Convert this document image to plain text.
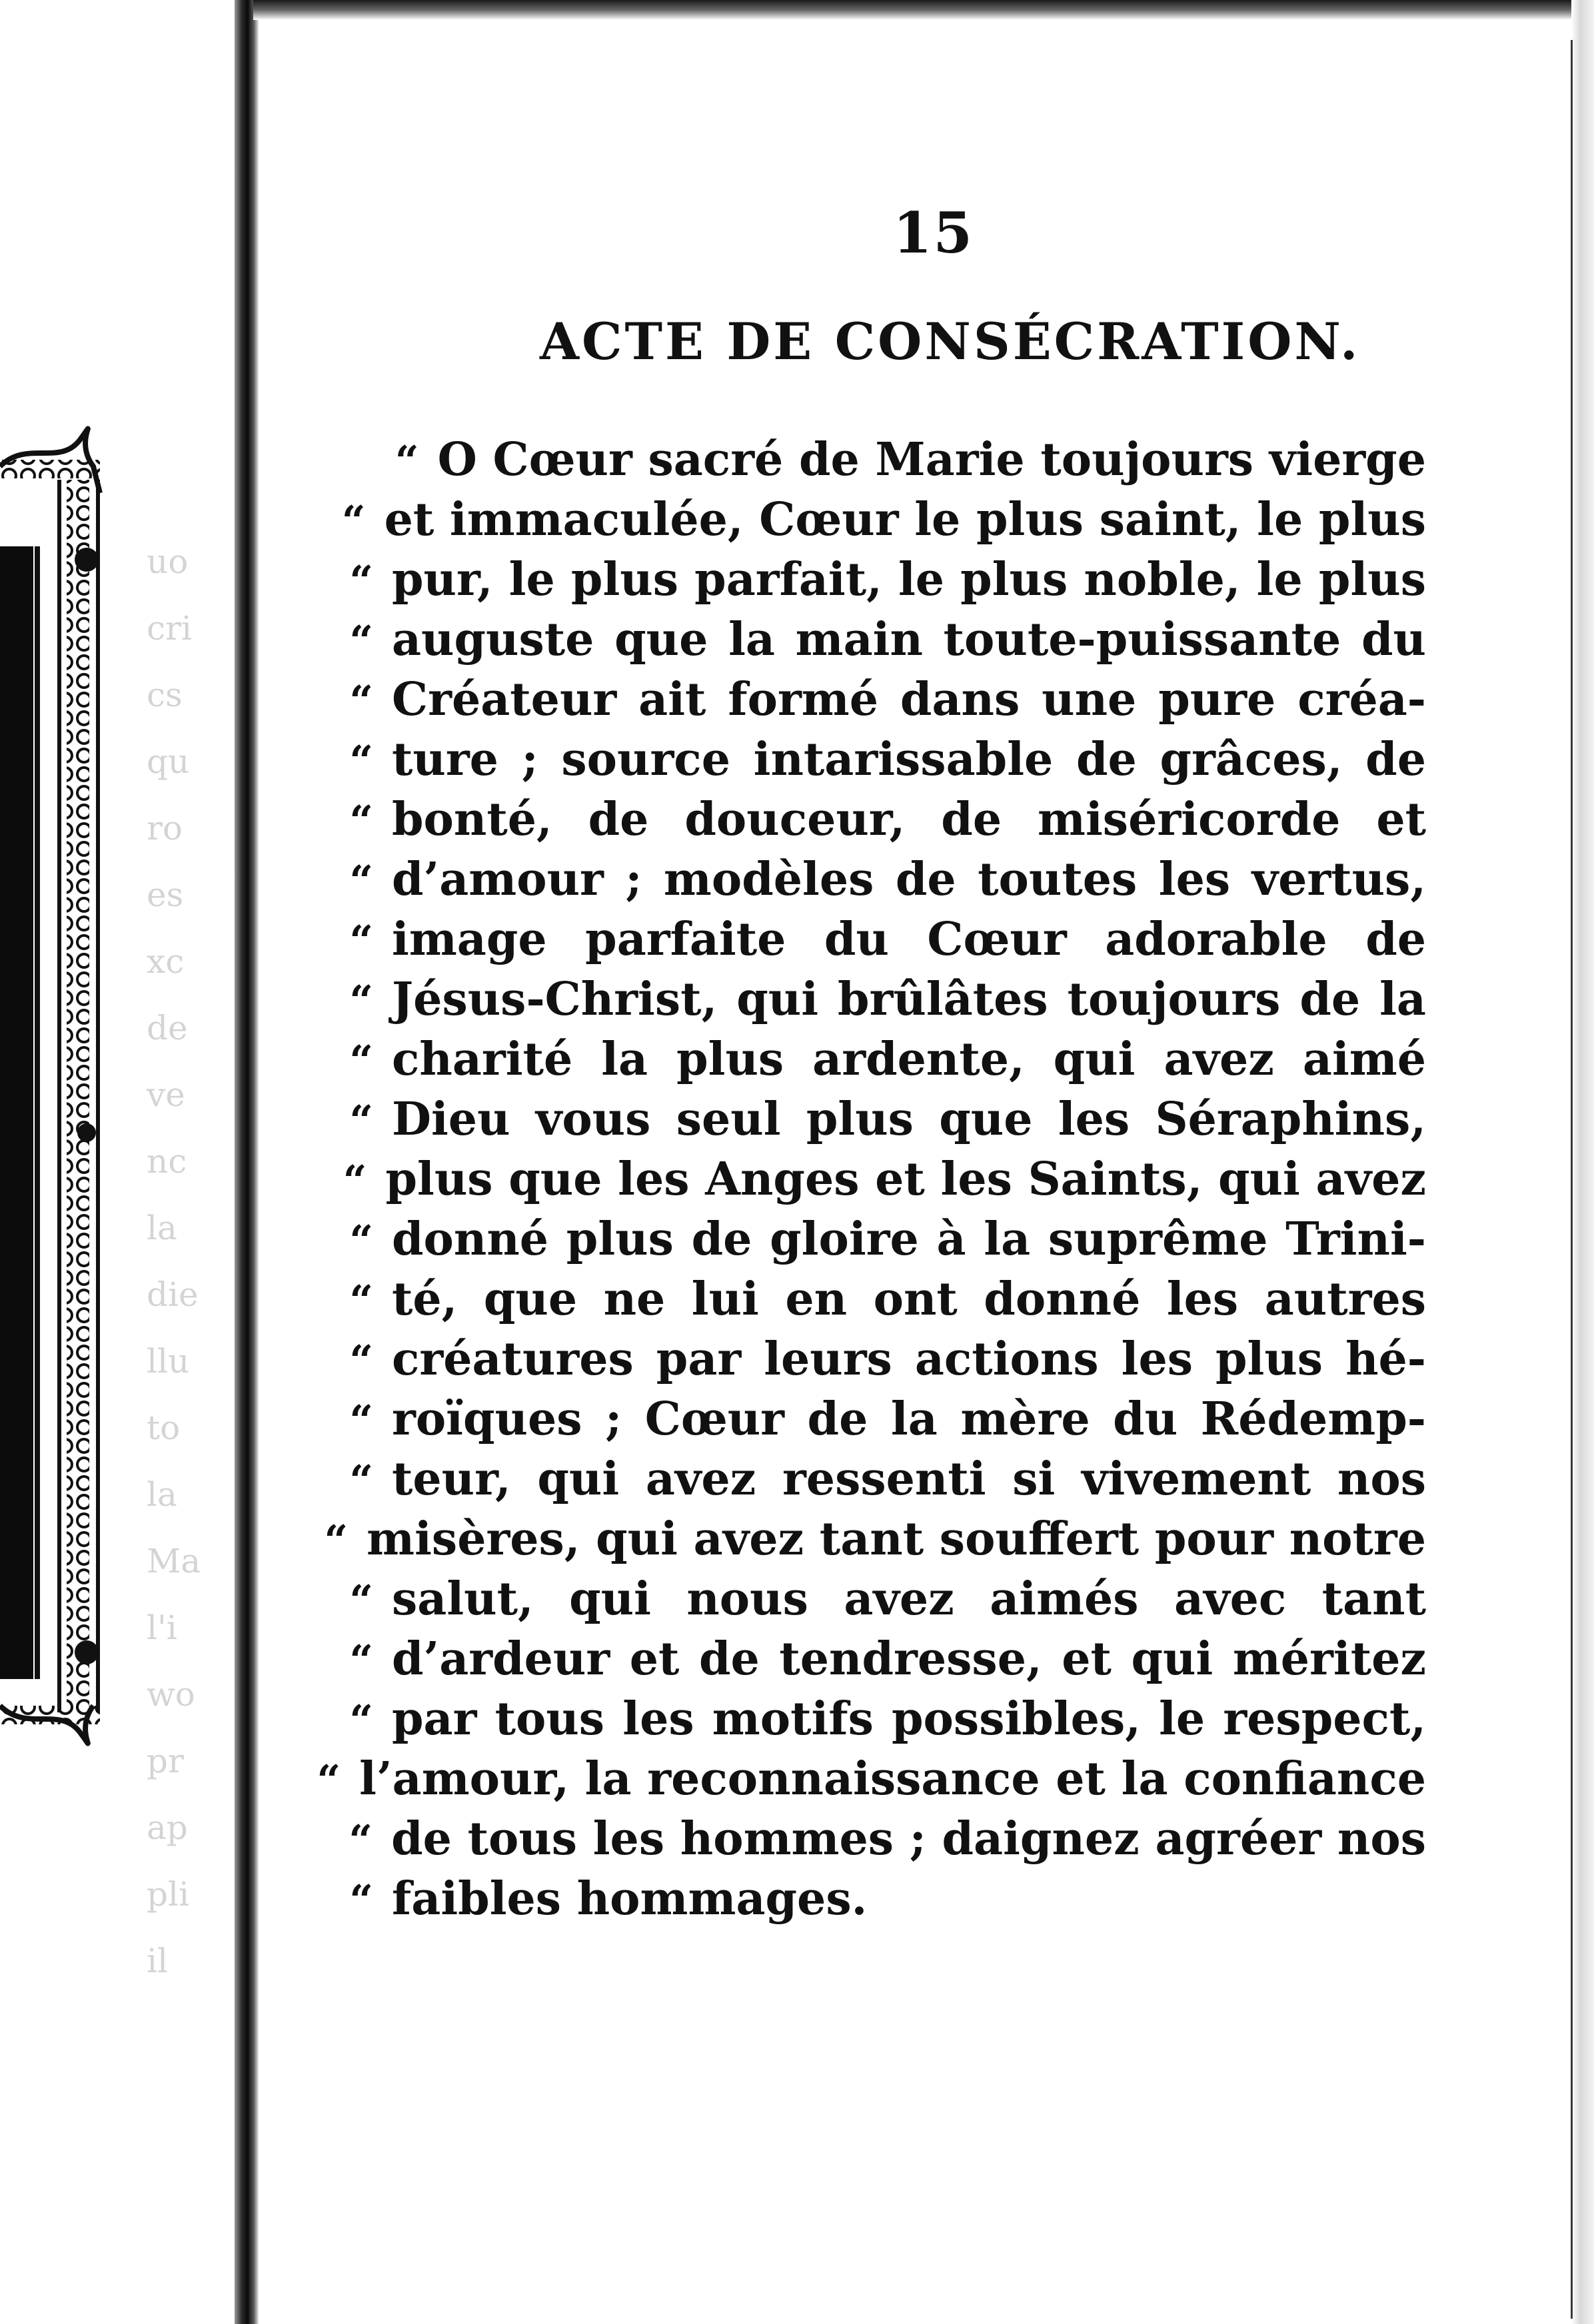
uo
cri
cs
qu
ro
es
xc
de
ve
nc
la
die
llu
to
la
Ma
l'i
wo
pr
ap
pli
il
15
ACTE DE CONSÉCRATION.
“ O Cœur sacré de Marie toujours vierge
“ et immaculée, Cœur le plus saint, le plus
“ pur, le plus parfait, le plus noble, le plus
“ auguste que la main toute-puissante du
“ Créateur ait formé dans une pure créa-
“ ture ; source intarissable de grâces, de
“ bonté, de douceur, de miséricorde et
“ d’amour ; modèles de toutes les vertus,
“ image parfaite du Cœur adorable de
“ Jésus-Christ, qui brûlâtes toujours de la
“ charité la plus ardente, qui avez aimé
“ Dieu vous seul plus que les Séraphins,
“ plus que les Anges et les Saints, qui avez
“ donné plus de gloire à la suprême Trini-
“ té, que ne lui en ont donné les autres
“ créatures par leurs actions les plus hé-
“ roïques ; Cœur de la mère du Rédemp-
“ teur, qui avez ressenti si vivement nos
“ misères, qui avez tant souffert pour notre
“ salut, qui nous avez aimés avec tant
“ d’ardeur et de tendresse, et qui méritez
“ par tous les motifs possibles, le respect,
“ l’amour, la reconnaissance et la confiance
“ de tous les hommes ; daignez agréer nos
“ faibles hommages.
